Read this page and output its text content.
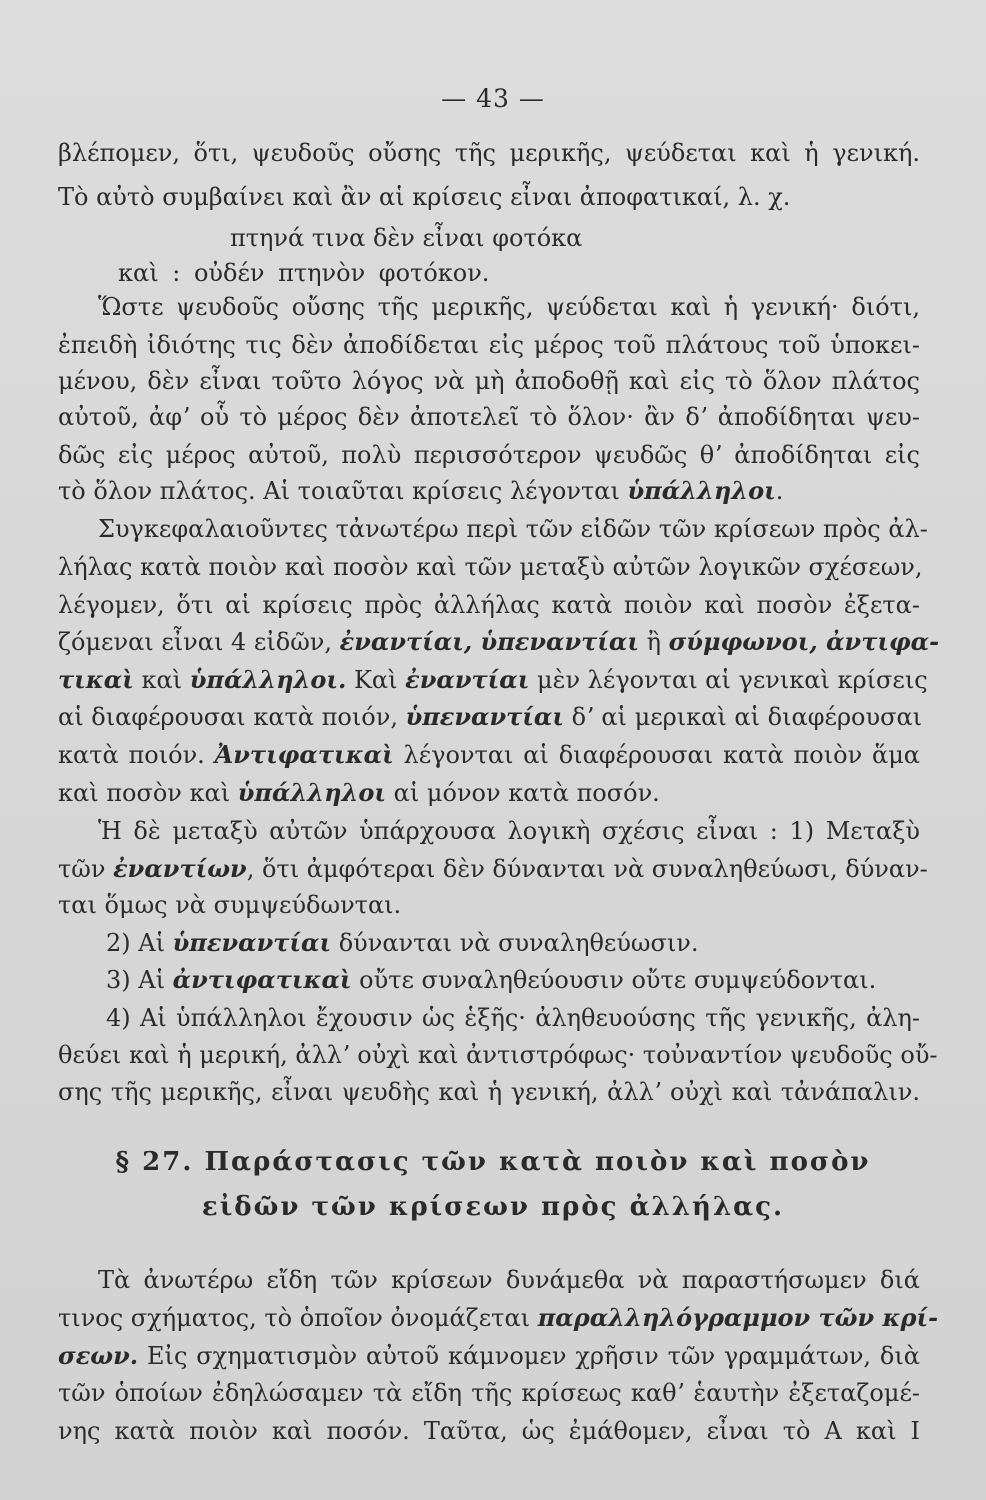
— 43 —
βλέπομεν, ὅτι, ψευδοῦς οὔσης τῆς μερικῆς, ψεύδεται καὶ ἡ γενική.
Τὸ αὐτὸ συμβαίνει καὶ ἂν αἱ κρίσεις εἶναι ἀποφατικαί, λ. χ.
πτηνά τινα δὲν εἶναι φοτόκα
καὶ : οὐδέν πτηνὸν φοτόκον.
Ὥστε ψευδοῦς οὔσης τῆς μερικῆς, ψεύδεται καὶ ἡ γενική· διότι,
ἐπειδὴ ἰδιότης τις δὲν ἀποδίδεται εἰς μέρος τοῦ πλάτους τοῦ ὑποκει-
μένου, δὲν εἶναι τοῦτο λόγος νὰ μὴ ἀποδοθῇ καὶ εἰς τὸ ὅλον πλάτος
αὐτοῦ, ἀφʼ οὗ τὸ μέρος δὲν ἀποτελεῖ τὸ ὅλον· ἂν δʼ ἀποδίδηται ψευ-
δῶς εἰς μέρος αὐτοῦ, πολὺ περισσότερον ψευδῶς θʼ ἀποδίδηται εἰς
τὸ ὅλον πλάτος. Αἱ τοιαῦται κρίσεις λέγονται ὑπάλληλοι.
Συγκεφαλαιοῦντες τἀνωτέρω περὶ τῶν εἰδῶν τῶν κρίσεων πρὸς ἀλ-
λήλας κατὰ ποιὸν καὶ ποσὸν καὶ τῶν μεταξὺ αὐτῶν λογικῶν σχέσεων,
λέγομεν, ὅτι αἱ κρίσεις πρὸς ἀλλήλας κατὰ ποιὸν καὶ ποσὸν ἐξετα-
ζόμεναι εἶναι 4 εἰδῶν, ἐναντίαι, ὑπεναντίαι ἢ σύμφωνοι, ἀντιφα-
τικαὶ καὶ ὑπάλληλοι. Καὶ ἐναντίαι μὲν λέγονται αἱ γενικαὶ κρίσεις
αἱ διαφέρουσαι κατὰ ποιόν, ὑπεναντίαι δʼ αἱ μερικαὶ αἱ διαφέρουσαι
κατὰ ποιόν. Ἀντιφατικαὶ λέγονται αἱ διαφέρουσαι κατὰ ποιὸν ἅμα
καὶ ποσὸν καὶ ὑπάλληλοι αἱ μόνον κατὰ ποσόν.
Ἡ δὲ μεταξὺ αὐτῶν ὑπάρχουσα λογικὴ σχέσις εἶναι : 1) Μεταξὺ
τῶν ἐναντίων, ὅτι ἀμφότεραι δὲν δύνανται νὰ συναληθεύωσι, δύναν-
ται ὅμως νὰ συμψεύδωνται.
2) Αἱ ὑπεναντίαι δύνανται νὰ συναληθεύωσιν.
3) Αἱ ἀντιφατικαὶ οὔτε συναληθεύουσιν οὔτε συμψεύδονται.
4) Αἱ ὑπάλληλοι ἔχουσιν ὡς ἑξῆς· ἀληθευούσης τῆς γενικῆς, ἀλη-
θεύει καὶ ἡ μερική, ἀλλʼ οὐχὶ καὶ ἀντιστρόφως· τοὐναντίον ψευδοῦς οὔ-
σης τῆς μερικῆς, εἶναι ψευδὴς καὶ ἡ γενική, ἀλλʼ οὐχὶ καὶ τἀνάπαλιν.
§ 27. Παράστασις τῶν κατὰ ποιὸν καὶ ποσὸν
εἰδῶν τῶν κρίσεων πρὸς ἀλλήλας.
Τὰ ἀνωτέρω εἴδη τῶν κρίσεων δυνάμεθα νὰ παραστήσωμεν διά
τινος σχήματος, τὸ ὁποῖον ὀνομάζεται παραλληλόγραμμον τῶν κρί-
σεων. Εἰς σχηματισμὸν αὐτοῦ κάμνομεν χρῆσιν τῶν γραμμάτων, διὰ
τῶν ὁποίων ἐδηλώσαμεν τὰ εἴδη τῆς κρίσεως καθʼ ἑαυτὴν ἐξεταζομέ-
νης κατὰ ποιὸν καὶ ποσόν. Ταῦτα, ὡς ἐμάθομεν, εἶναι τὸ Α καὶ Ι
